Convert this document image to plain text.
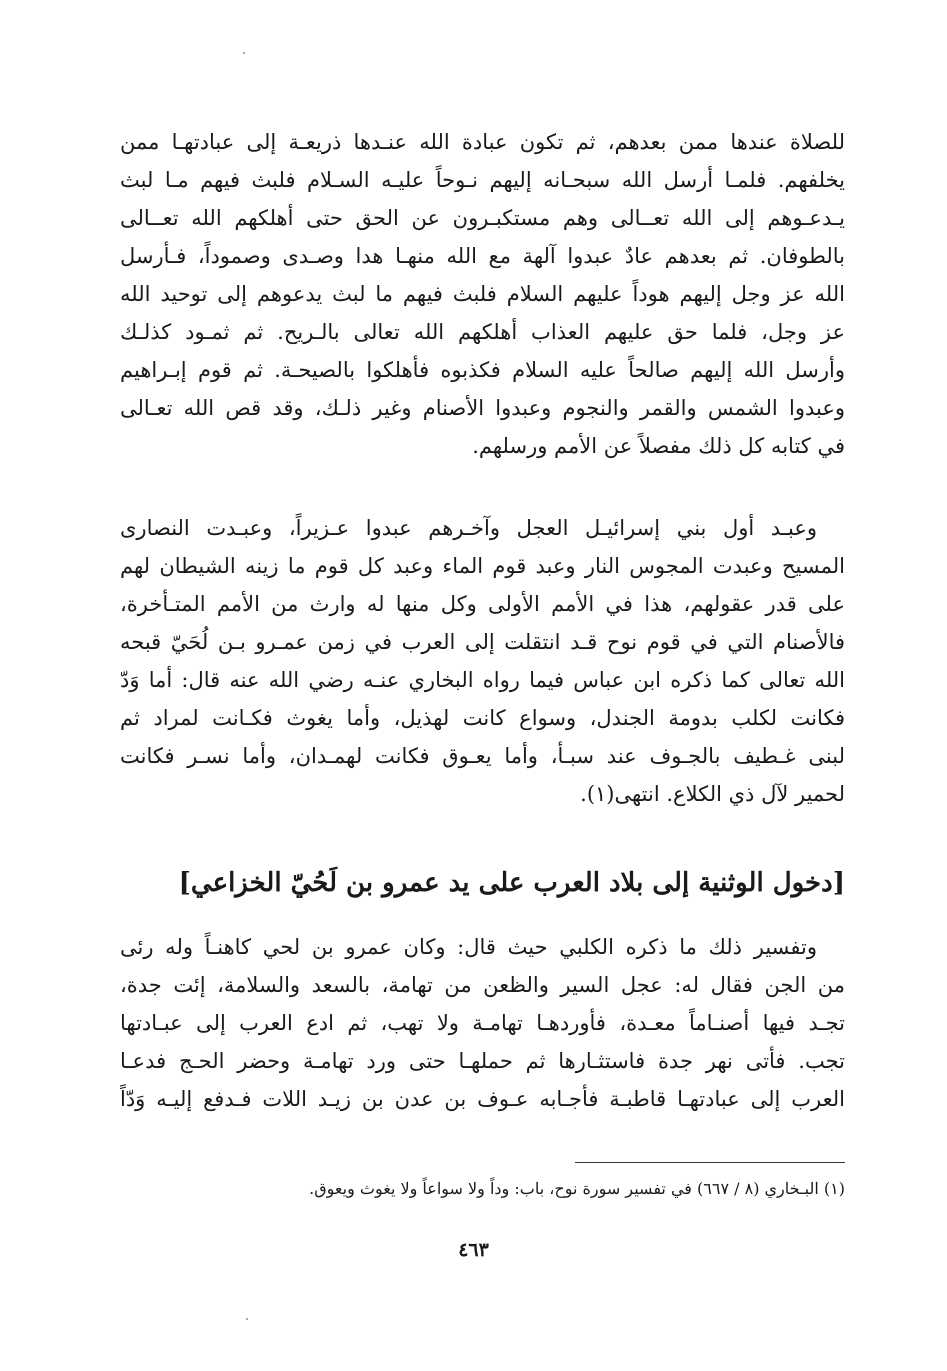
للصلاة عندها ممن بعدهم، ثم تكون عبادة الله عنـدها ذريعـة إلى عبادتهـا ممن
يخلفهم. فلمـا أرسل الله سبحـانه إليهم نـوحاً عليـه السـلام فلبث فيهم مـا لبث
يـدعـوهم إلى الله تعــالى وهم مستكبـرون عن الحق حتى أهلكهم الله تعــالى
بالطوفان. ثم بعدهم عادٌ عبدوا آلهة مع الله منهـا هدا وصـدى وصموداً، فـأرسل
الله عز وجل إليهم هوداً عليهم السلام فلبث فيهم ما لبث يدعوهم إلى توحيد الله
عز وجل، فلما حق عليهم العذاب أهلكهم الله تعالى بالـريح. ثم ثمـود كذلـك
وأرسل الله إليهم صالحاً عليه السلام فكذبوه فأهلكوا بالصيحـة. ثم قوم إبـراهيم
وعبدوا الشمس والقمر والنجوم وعبدوا الأصنام وغير ذلـك، وقد قص الله تعـالى
في كتابه كل ذلك مفصلاً عن الأمم ورسلهم.
وعبـد أول بني إسرائيـل العجل وآخـرهم عبدوا عـزيراً، وعبـدت النصارى
المسيح وعبدت المجوس النار وعبد قوم الماء وعبد كل قوم ما زينه الشيطان لهم
على قدر عقولهم، هذا في الأمم الأولى وكل منها له وارث من الأمم المتـأخرة،
فالأصنام التي في قوم نوح قـد انتقلت إلى العرب في زمن عمـرو بـن لُحَيّ قبحه
الله تعالى كما ذكره ابن عباس فيما رواه البخاري عنـه رضي الله عنه قال: أما وَدّ
فكانت لكلب بدومة الجندل، وسواع كانت لهذيل، وأما يغوث فكـانت لمراد ثم
لبنى غـطيف بالجـوف عند سبـأ، وأما يعـوق فكانت لهمـدان، وأما نسـر فكانت
لحمير لآل ذي الكلاع. انتهى(١).
[دخول الوثنية إلى بلاد العرب على يد عمرو بن لَحُيّ الخزاعي]
وتفسير ذلك ما ذكره الكلبي حيث قال: وكان عمرو بن لحي كاهنـاً وله رئى
من الجن فقال له: عجل السير والظعن من تهامة، بالسعد والسلامة، إئت جدة،
تجـد فيها أصنـاماً معـدة، فأوردهـا تهامـة ولا تهب، ثم ادع العرب إلى عبـادتها
تجب. فأتى نهر جدة فاستثـارها ثم حملهـا حتى ورد تهامـة وحضر الحـج فدعـا
العرب إلى عبادتهـا قاطبـة فأجـابه عـوف بن عدن بن زيـد اللات فـدفع إليـه وَدّاً
(١) البـخاري (٨ / ٦٦٧) في تفسير سورة نوح، باب: وداً ولا سواعاً ولا يغوث ويعوق.
٤٦٣
